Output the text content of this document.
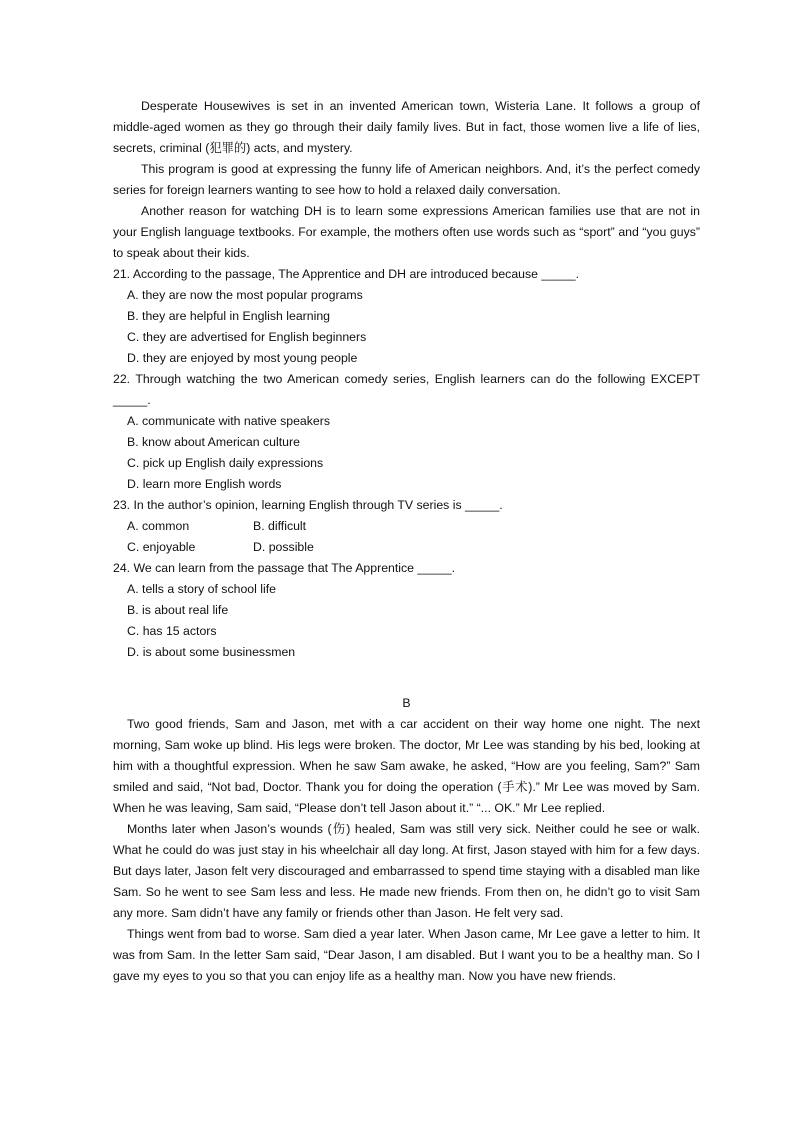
Desperate Housewives is set in an invented American town, Wisteria Lane. It follows a group of middle-aged women as they go through their daily family lives. But in fact, those women live a life of lies, secrets, criminal (犯罪的) acts, and mystery.

This program is good at expressing the funny life of American neighbors. And, it’s the perfect comedy series for foreign learners wanting to see how to hold a relaxed daily conversation.

Another reason for watching DH is to learn some expressions American families use that are not in your English language textbooks. For example, the mothers often use words such as “sport” and “you guys” to speak about their kids.

21. According to the passage, The Apprentice and DH are introduced because _____.

A. they are now the most popular programs

B. they are helpful in English learning

C. they are advertised for English beginners

D. they are enjoyed by most young people

22. Through watching the two American comedy series, English learners can do the following EXCEPT _____.

A. communicate with native speakers

B. know about American culture

C. pick up English daily expressions

D. learn more English words

23. In the author’s opinion, learning English through TV series is _____.

A. common	B. difficult
C. enjoyable	D. possible

24. We can learn from the passage that The Apprentice _____.

A. tells a story of school life

B. is about real life

C. has 15 actors

D. is about some businessmen

B

Two good friends, Sam and Jason, met with a car accident on their way home one night. The next morning, Sam woke up blind. His legs were broken. The doctor, Mr Lee was standing by his bed, looking at him with a thoughtful expression. When he saw Sam awake, he asked, “How are you feeling, Sam?” Sam smiled and said, “Not bad, Doctor. Thank you for doing the operation (手术).” Mr Lee was moved by Sam. When he was leaving, Sam said, “Please don’t tell Jason about it.” “... OK.” Mr Lee replied.

Months later when Jason’s wounds (伤) healed, Sam was still very sick. Neither could he see or walk. What he could do was just stay in his wheelchair all day long. At first, Jason stayed with him for a few days. But days later, Jason felt very discouraged and embarrassed to spend time staying with a disabled man like Sam. So he went to see Sam less and less. He made new friends. From then on, he didn’t go to visit Sam any more. Sam didn’t have any family or friends other than Jason. He felt very sad.

Things went from bad to worse. Sam died a year later. When Jason came, Mr Lee gave a letter to him. It was from Sam. In the letter Sam said, “Dear Jason, I am disabled. But I want you to be a healthy man. So I gave my eyes to you so that you can enjoy life as a healthy man. Now you have new friends.
